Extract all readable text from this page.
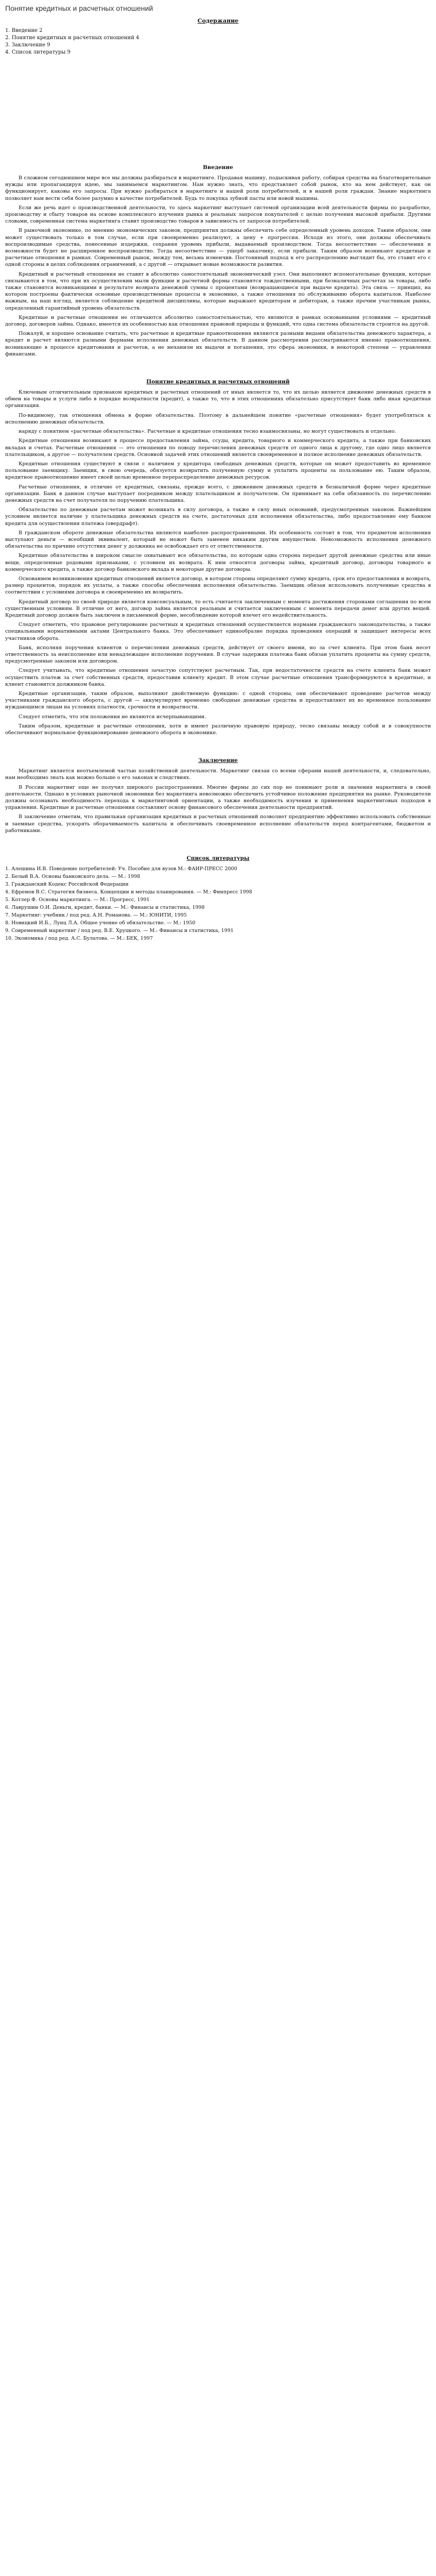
Понятие кредитных и расчетных отношений
Содержание
1. Введение 2
2. Понятие кредитных и расчетных отношений 4
3. Заключение 9
4. Список литературы 9
Введение

В сложном сегодняшнем мире все мы должны разбираться в маркетинге. Продавая машину, подыскивая работу, собирая средства на благотворительные нужды или пропагандируя идею, мы занимаемся маркетингом. Нам нужно знать, что представляет собой рынок, кто на нем действует, как он функционирует, каковы его запросы. При нужно разбираться в маркетинге и нашей роли потребителей, и в нашей роли граждан. Знание маркетинга позволяет нам вести себя более разумно в качестве потребителей. Будь то покупка зубной пасты или новой машины.

Если же речь идет о производственной деятельности, то здесь маркетинг выступает системой организации всей деятельности фирмы по разработке, производству и сбыту товаров на основе комплексного изучения рынка и реальных запросов покупателей с целью получения высокой прибыли. Другими словами, современная система маркетинга ставит производство товаров в зависимость от запросов потребителей.

В рыночной экономике, по мнению экономических законов, предприятия должны обеспечить себе определенный уровень доходов. Таким образом, они может существовать только в том случае, если при своевременно реализуют, а цену + прогрессия. Исходя из этого, они должны обеспечивать воспроизводимые средства, понесенные издержки, сохраняя уровень прибыли, выдаваемый производством. Тогда несоответствие — обеспечения и возможности будет не расширенное воспроизводство. Тогда несоответствие — ущерб заказчику, если прибыли. Таким образом возникают кредитные и расчетные отношения в рамках. Современный рынок, между тем, весьма изменчив. Постоянный подход к его распределению выглядит бы, это ставит его с одной стороны в целях соблюдения ограничений, а с другой — открывает новые возможности развития.

Кредитный и расчетный отношения не ставят в абсолютно самостоятельный экономический узел. Они выполняют вспомогательные функции, которые связываются в том, что при их осуществлении мыли функции и расчетной формы становятся тождественными, при безналичных расчетах за товары, либо также становятся возникающими в результате возврата денежной суммы с процентами (возвращающиеся при выдаче кредита). Эта связь — принцип, на котором построены фактически основные производственные процессы в экономике, а также отношения по обслуживанию оборота капиталов. Наиболее важным, на наш взгляд, является соблюдение кредитной дисциплины, которые выражают кредиторам и дебиторам, а также прочим участникам рынка, определенный гарантийный уровень обязательств.

Кредитные и расчетные отношения не отличаются абсолютно самостоятельностью, что являются в рамках основанными условиями — кредитный договор, договоров займа. Однако, имеется их особенностью как отношения правовой природы и функций, что одна система обязательств строится на другой.

Пожалуй, и хорошее основание считать, что расчетные и кредитные правоотношения являются разными видами обязательства денежного характера, а кредит и расчет являются разными формами исполнения денежных обязательств. В данном рассмотрении рассматриваются именно правоотношения, возникающие в процессе кредитования и расчетов, а не механизм их выдачи и погашения, это сфера экономики, в некоторой степени — управления финансами.

Понятие кредитных и расчетных отношений

Ключевым отличительным признаком кредитных и расчетных отношений от иных является то, что их целью является движение денежных средств в обмен на товары и услуги либо в порядке возвратности (кредит), а также то, что в этих отношениях обязательно присутствует банк либо иная кредитная организация.

По-видимому, так отношения обмена в форме обязательства. Поэтому в дальнейшем понятие «расчетные отношения» будет употребляться к исполнению денежных обязательств.

наряду с понятием «расчетные обязательства». Расчетные и кредитные отношения тесно взаимосвязаны, но могут существовать и отдельно.

Кредитные отношения возникают в процессе предоставления займа, ссуды, кредита, товарного и коммерческого кредита, а также при банковских вкладах и счетах. Расчетные отношения — это отношения по поводу перечисления денежных средств от одного лица к другому, где одно лицо является плательщиком, а другое — получателем средств. Основной задачей этих отношений является своевременное и полное исполнение денежных обязательств.

Кредитные отношения существуют в связи с наличием у кредитора свободных денежных средств, которые он может предоставить во временное пользование заемщику. Заемщик, в свою очередь, обязуется возвратить полученную сумму и уплатить проценты за пользование ею. Таким образом, кредитное правоотношение имеет своей целью временное перераспределение денежных ресурсов.

Расчетные отношения, в отличие от кредитных, связаны, прежде всего, с движением денежных средств в безналичной форме через кредитные организации. Банк в данном случае выступает посредником между плательщиком и получателем. Он принимает на себя обязанность по перечислению денежных средств на счет получателя по поручению плательщика.

Обязательство по денежным расчетам может возникать в силу договора, а также в силу иных оснований, предусмотренных законом. Важнейшим условием является наличие у плательщика денежных средств на счете, достаточных для исполнения обязательства, либо предоставление ему банком кредита для осуществления платежа (овердрафт).

В гражданском обороте денежные обязательства являются наиболее распространенными. Их особенность состоит в том, что предметом исполнения выступают деньги — всеобщий эквивалент, который не может быть заменен никаким другим имуществом. Невозможность исполнения денежного обязательства по причине отсутствия денег у должника не освобождает его от ответственности.

Кредитные обязательства в широком смысле охватывают все обязательства, по которым одна сторона передает другой денежные средства или иные вещи, определенные родовыми признаками, с условием их возврата. К ним относятся договоры займа, кредитный договор, договоры товарного и коммерческого кредита, а также договор банковского вклада и некоторые другие договоры.

Основанием возникновения кредитных отношений является договор, в котором стороны определяют сумму кредита, срок его предоставления и возврата, размер процентов, порядок их уплаты, а также способы обеспечения исполнения обязательства. Заемщик обязан использовать полученные средства в соответствии с условиями договора и своевременно их возвратить.

Кредитный договор по своей природе является консенсуальным, то есть считается заключенным с момента достижения сторонами соглашения по всем существенным условиям. В отличие от него, договор займа является реальным и считается заключенным с момента передачи денег или других вещей. Кредитный договор должен быть заключен в письменной форме, несоблюдение которой влечет его недействительность.

Следует отметить, что правовое регулирование расчетных и кредитных отношений осуществляется нормами гражданского законодательства, а также специальными нормативными актами Центрального банка. Это обеспечивает единообразие порядка проведения операций и защищает интересы всех участников оборота.

Банк, исполняя поручения клиентов о перечислении денежных средств, действует от своего имени, но за счет клиента. При этом банк несет ответственность за неисполнение или ненадлежащее исполнение поручения. В случае задержки платежа банк обязан уплатить проценты на сумму средств, предусмотренные законом или договором.

Следует учитывать, что кредитные отношения зачастую сопутствуют расчетным. Так, при недостаточности средств на счете клиента банк может осуществить платеж за счет собственных средств, предоставив клиенту кредит. В этом случае расчетные отношения трансформируются в кредитные, и клиент становится должником банка.

Кредитные организации, таким образом, выполняют двойственную функцию: с одной стороны, они обеспечивают проведение расчетов между участниками гражданского оборота, с другой — аккумулируют временно свободные денежные средства и предоставляют их во временное пользование нуждающимся лицам на условиях платности, срочности и возвратности.

Следует отметить, что эти положения не являются исчерпывающими.

Таким образом, кредитные и расчетные отношения, хотя и имеют различную правовую природу, тесно связаны между собой и в совокупности обеспечивают нормальное функционирование денежного оборота в экономике.

Заключение

Маркетинг является неотъемлемой частью хозяйственной деятельности. Маркетинг связан со всеми сферами нашей деятельности, и, следовательно, нам необходимо знать как можно больше о его законах и следствиях.

В России маркетинг еще не получил широкого распространения. Многие фирмы до сих пор не понимают роли и значения маркетинга в своей деятельности. Однако в условиях рыночной экономики без маркетинга невозможно обеспечить устойчивое положение предприятия на рынке. Руководители должны осознавать необходимость перехода к маркетинговой ориентации, а также необходимость изучения и применения маркетинговых подходов в управлении. Кредитные и расчетные отношения составляют основу финансового обеспечения деятельности предприятий.

В заключение отметим, что правильная организация кредитных и расчетных отношений позволяет предприятию эффективно использовать собственные и заемные средства, ускорять оборачиваемость капитала и обеспечивать своевременное исполнение обязательств перед контрагентами, бюджетом и работниками.

Список литературы
1. Алешина И.В. Поведение потребителей: Уч. Пособие для вузов М.: ФАИР-ПРЕСС 2000
2. Белый В.А. Основы банковского дела. — М.: 1998
3. Гражданский Кодекс Российской Федерации
4. Ефремов В.С. Стратегия бизнеса. Концепции и методы планирования. — М.: Финпресс 1998
5. Котлер Ф. Основы маркетинга. — М.: Прогресс, 1991
6. Лаврушин О.И. Деньги, кредит, банки. — М.: Финансы и статистика, 1998
7. Маркетинг: учебник / под ред. А.Н. Романова. — М.: ЮНИТИ, 1995
8. Новицкий И.Б., Лунц Л.А. Общее учение об обязательстве. — М.: 1950
9. Современный маркетинг / под ред. В.Е. Хруцкого. — М.: Финансы и статистика, 1991
10. Экономика / под ред. А.С. Булатова. — М.: БЕК, 1997
